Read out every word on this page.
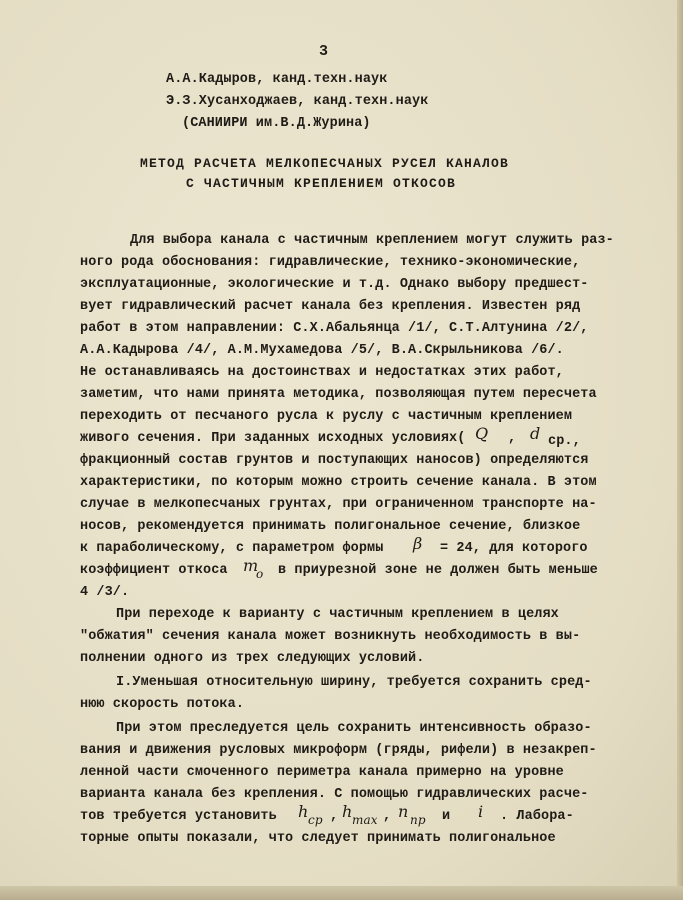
3
А.А.Кадыров, канд.техн.наук
Э.З.Хусанходжаев, канд.техн.наук
(САНИИРИ им.В.Д.Журина)
МЕТОД РАСЧЕТА МЕЛКОПЕСЧАНЫХ РУСЕЛ КАНАЛОВ
С ЧАСТИЧНЫМ КРЕПЛЕНИЕМ ОТКОСОВ
Для выбора канала с частичным креплением могут служить раз-
ного рода обоснования: гидравлические, технико-экономические,
эксплуатационные, экологические и т.д. Однако выбору предшест-
вует гидравлический расчет канала без крепления. Известен ряд
работ в этом направлении: С.Х.Абальянца /1/, С.Т.Алтунина /2/,
А.А.Кадырова /4/, А.М.Мухамедова /5/, В.А.Скрыльникова /6/.
Не останавливаясь на достоинствах и недостатках этих работ,
заметим, что нами принята методика, позволяющая путем пересчета
переходить от песчаного русла к руслу с частичным креплением
живого сечения. При заданных исходных условиях( Q , d ср.,
фракционный состав грунтов и поступающих наносов) определяются
характеристики, по которым можно строить сечение канала. В этом
случае в мелкопесчаных грунтах, при ограниченном транспорте на-
носов, рекомендуется принимать полигональное сечение, близкое
к параболическому, с параметром формы β = 24, для которого
коэффициент откоса m
o в приурезной зоне не должен быть меньше
4 /3/.
При переходе к варианту с частичным креплением в целях
"обжатия" сечения канала может возникнуть необходимость в вы-
полнении одного из трех следующих условий.
I.Уменьшая относительную ширину, требуется сохранить сред-
нюю скорость потока.
При этом преследуется цель сохранить интенсивность образо-
вания и движения русловых микроформ (гряды, рифели) в незакреп-
ленной части смоченного периметра канала примерно на уровне
варианта канала без крепления. С помощью гидравлических расче-
тов требуется установить h ср , h max , n пр и i . Лабора-
торные опыты показали, что следует принимать полигональное
